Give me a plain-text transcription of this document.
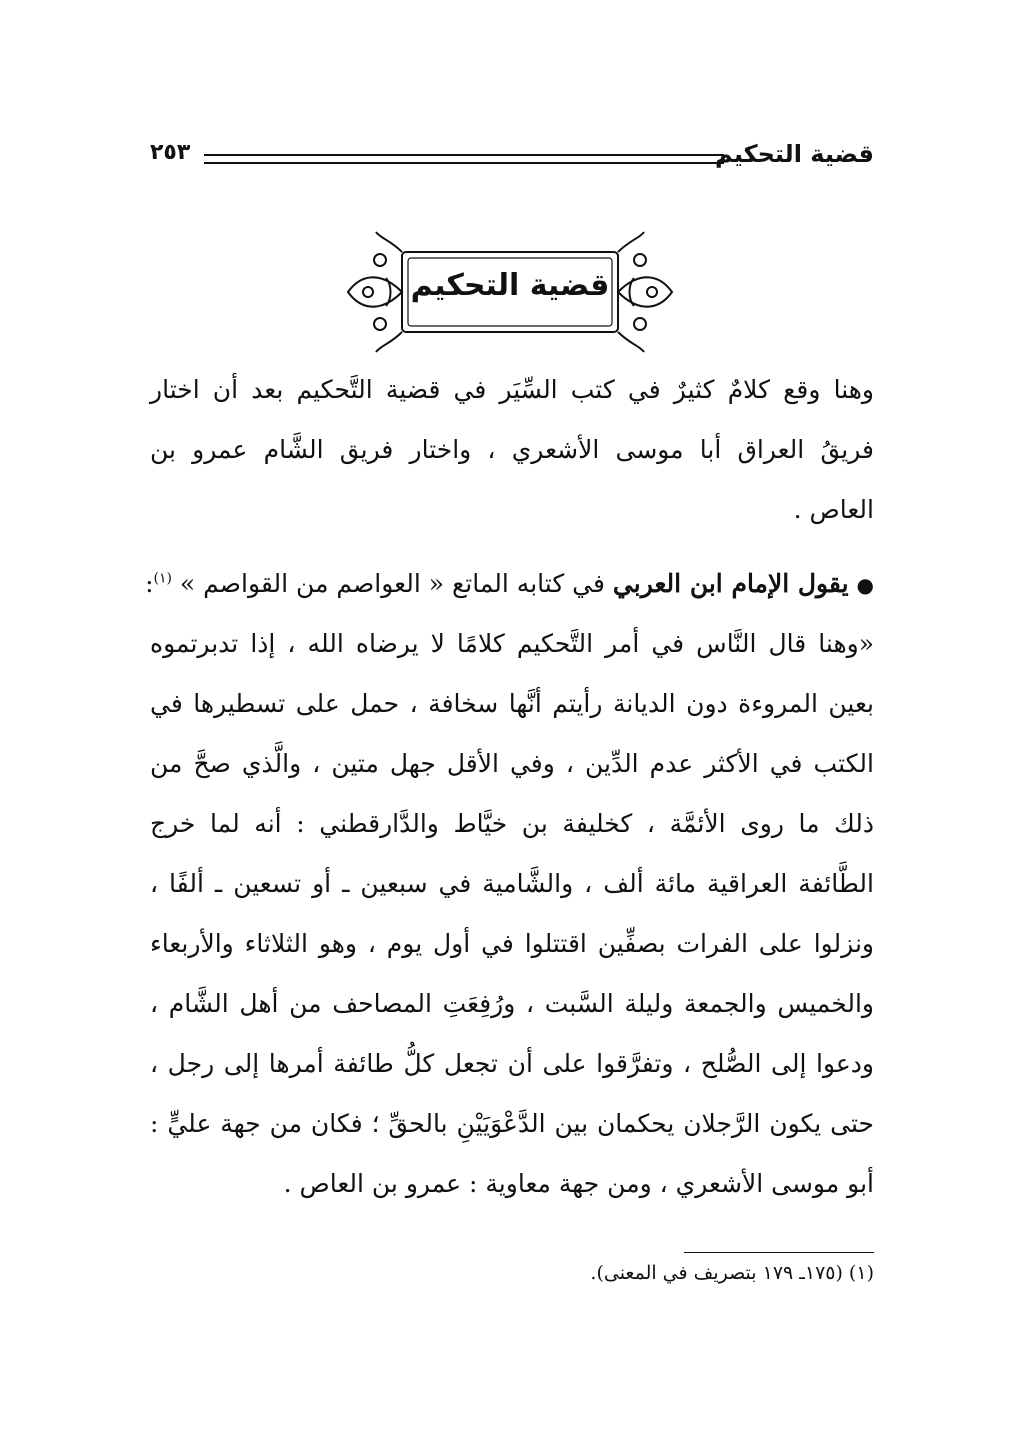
قضية التحكيم
٢٥٣
قضية التحكيم
وهنا وقع كلامٌ كثيرٌ في كتب السِّيَر في قضية التَّحكيم بعد أن اختار
فريقُ العراق أبا موسى الأشعري ، واختار فريق الشَّام عمرو بن
العاص .
●يقول الإمام ابن العربي في كتابه الماتع « العواصم من القواصم » $^{(١)}$:
«وهنا قال النَّاس في أمر التَّحكيم كلامًا لا يرضاه الله ، إذا تدبرتموه
بعين المروءة دون الديانة رأيتم أنَّها سخافة ، حمل على تسطيرها في
الكتب في الأكثر عدم الدِّين ، وفي الأقل جهل متين ، والَّذي صحَّ من
ذلك ما روى الأئمَّة ، كخليفة بن خيَّاط والدَّارقطني : أنه لما خرج
الطَّائفة العراقية مائة ألف ، والشَّامية في سبعين ـ أو تسعين ـ ألفًا ،
ونزلوا على الفرات بصفِّين اقتتلوا في أول يوم ، وهو الثلاثاء والأربعاء
والخميس والجمعة وليلة السَّبت ، ورُفِعَتِ المصاحف من أهل الشَّام ،
ودعوا إلى الصُّلح ، وتفرَّقوا على أن تجعل كلُّ طائفة أمرها إلى رجل ،
حتى يكون الرَّجلان يحكمان بين الدَّعْوَيَيْنِ بالحقِّ ؛ فكان من جهة عليٍّ :
أبو موسى الأشعري ، ومن جهة معاوية : عمرو بن العاص .
(١) (١٧٥ـ ١٧٩ بتصريف في المعنى).
